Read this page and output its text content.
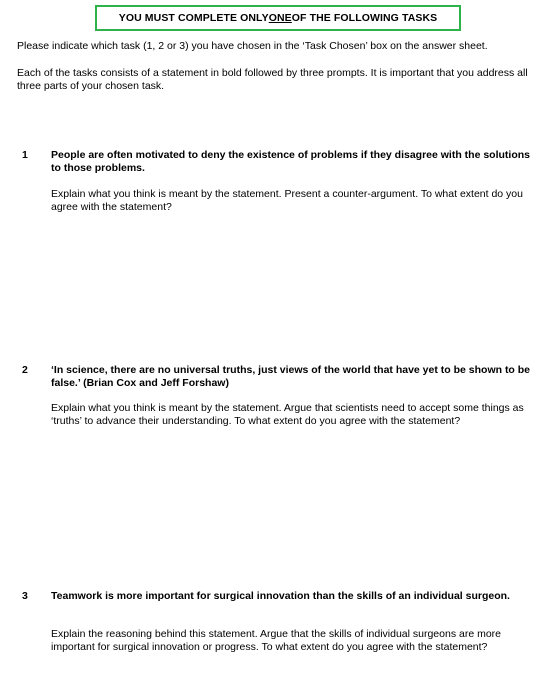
YOU MUST COMPLETE ONLY ONE OF THE FOLLOWING TASKS

Please indicate which task (1, 2 or 3) you have chosen in the ‘Task Chosen’ box on the answer sheet.

Each of the tasks consists of a statement in bold followed by three prompts. It is important that you address all three parts of your chosen task.

1 People are often motivated to deny the existence of problems if they disagree with the solutions to those problems.

Explain what you think is meant by the statement. Present a counter-argument. To what extent do you agree with the statement?

2 ‘In science, there are no universal truths, just views of the world that have yet to be shown to be false.’ (Brian Cox and Jeff Forshaw)

Explain what you think is meant by the statement. Argue that scientists need to accept some things as ‘truths’ to advance their understanding. To what extent do you agree with the statement?

3 Teamwork is more important for surgical innovation than the skills of an individual surgeon.

Explain the reasoning behind this statement. Argue that the skills of individual surgeons are more important for surgical innovation or progress. To what extent do you agree with the statement?
